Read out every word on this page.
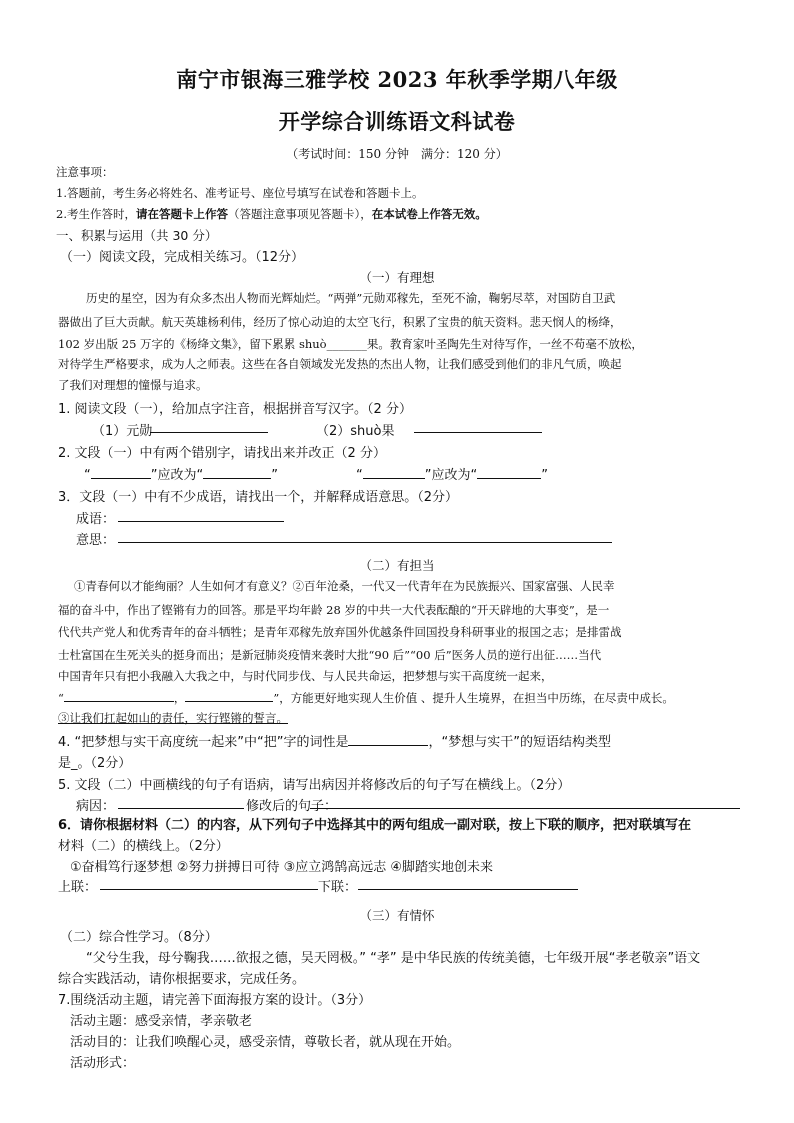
南宁市银海三雅学校 2023 年秋季学期八年级
开学综合训练语文科试卷
（考试时间：150 分钟　满分：120 分）
注意事项：
1.答题前，考生务必将姓名、准考证号、座位号填写在试卷和答题卡上。
2.考生作答时，请在答题卡上作答（答题注意事项见答题卡），在本试卷上作答无效。
一、积累与运用（共 30 分）
（一）阅读文段，完成相关练习。（12分）
（一）有理想
历史的星空，因为有众多杰出人物而光辉灿烂。“两弹”元勋邓稼先，至死不渝，鞠躬尽萃，对国防自卫武
器做出了巨大贡献。航天英雄杨利伟，经历了惊心动迫的太空飞行，积累了宝贵的航天资料。悲天悯人的杨绛，
102 岁出版 25 万字的《杨绛文集》，留下累累 shuò_______果。教育家叶圣陶先生对待写作，一丝不苟毫不放松，
对待学生严格要求，成为人之师表。这些在各自领域发光发热的杰出人物，让我们感受到他们的非凡气质，唤起
了我们对理想的憧憬与追求。
1. 阅读文段（一），给加点字注音，根据拼音写汉字。（2 分）
（1）元勋	（2）shuò果
2. 文段（一）中有两个错别字，请找出来并改正（2 分）
“	”应改为“	”	“	”应改为“	”
3．文段（一）中有不少成语，请找出一个，并解释成语意思。（2分）
成语：
意思：
（二）有担当
①青春何以才能绚丽？人生如何才有意义？②百年沧桑，一代又一代青年在为民族振兴、国家富强、人民幸
福的奋斗中，作出了铿锵有力的回答。那是平均年龄 28 岁的中共一大代表酝酿的“开天辟地的大事变”，是一
代代共产党人和优秀青年的奋斗牺牲；是青年邓稼先放弃国外优越条件回国投身科研事业的报国之志；是排雷战
士杜富国在生死关头的挺身而出；是新冠肺炎疫情来袭时大批“90 后”“00 后”医务人员的逆行出征……当代
中国青年只有把小我融入大我之中，与时代同步伐、与人民共命运，把梦想与实干高度统一起来，
“	，	”，方能更好地实现人生价值 、提升人生境界，在担当中历练，在尽责中成长。
③让我们扛起如山的责任，实行铿锵的誓言。
4. “把梦想与实干高度统一起来”中“把”字的词性是	，“梦想与实干”的短语结构类型
是_。（2分）
5. 文段（二）中画横线的句子有语病，请写出病因并将修改后的句子写在横线上。（2分）
病因：	修改后的句子：
6．请你根据材料（二）的内容，从下列句子中选择其中的两句组成一副对联，按上下联的顺序，把对联填写在
材料（二）的横线上。（2分）
①奋楫笃行逐梦想 ②努力拼搏日可待 ③应立鸿鹄高远志 ④脚踏实地创未来
上联：	下联：
（三）有情怀
（二）综合性学习。（8分）
“父兮生我，母兮鞠我……欲报之德，吴天罔极。” “孝” 是中华民族的传统美德，七年级开展“孝老敬亲”语文
综合实践活动，请你根据要求，完成任务。
7.围绕活动主题，请完善下面海报方案的设计。（3分）
活动主题：感受亲情，孝亲敬老
活动目的：让我们唤醒心灵，感受亲情，尊敬长者，就从现在开始。
活动形式：
